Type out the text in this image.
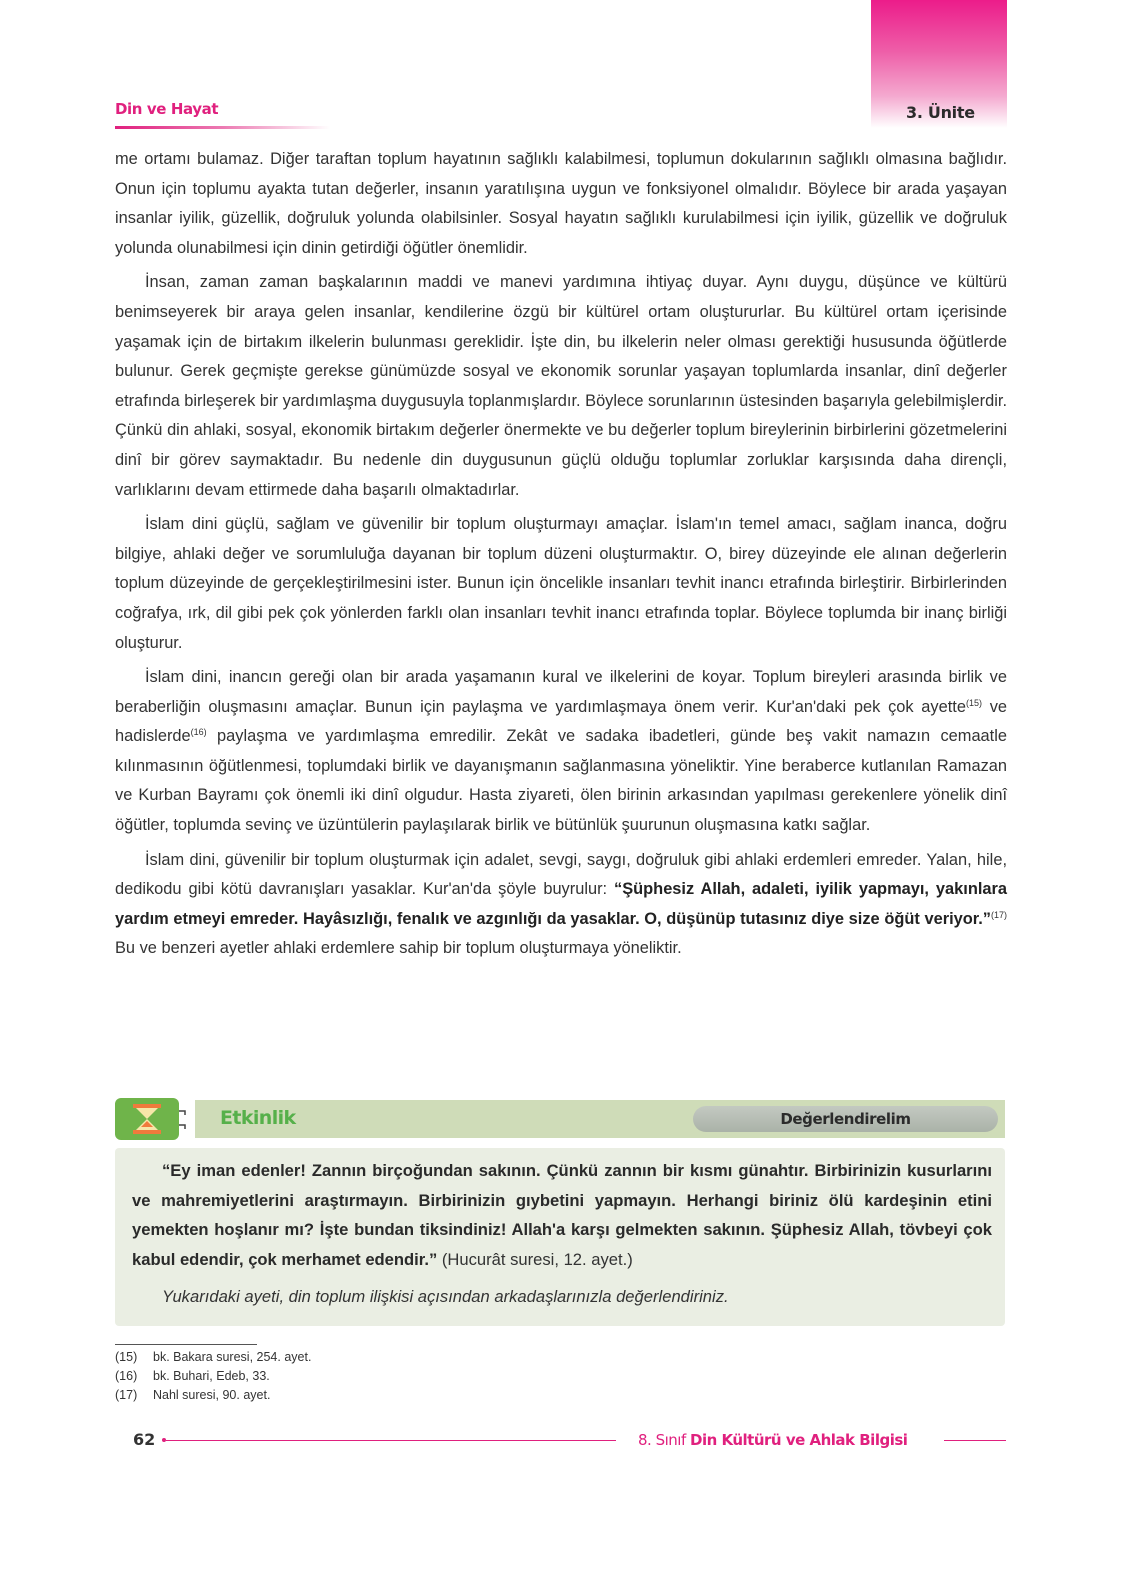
3. Ünite
Din ve Hayat

me ortamı bulamaz. Diğer taraftan toplum hayatının sağlıklı kalabilmesi, toplumun dokularının sağlıklı olmasına bağlıdır. Onun için toplumu ayakta tutan değerler, insanın yaratılışına uygun ve fonksiyonel olmalıdır. Böylece bir arada yaşayan insanlar iyilik, güzellik, doğruluk yolunda olabilsinler. Sosyal hayatın sağlıklı kurulabilmesi için iyilik, güzellik ve doğruluk yolunda olunabilmesi için dinin getirdiği öğütler önemlidir.

İnsan, zaman zaman başkalarının maddi ve manevi yardımına ihtiyaç duyar. Aynı duygu, düşünce ve kültürü benimseyerek bir araya gelen insanlar, kendilerine özgü bir kültürel ortam oluştururlar. Bu kültürel ortam içerisinde yaşamak için de birtakım ilkelerin bulunması gereklidir. İşte din, bu ilkelerin neler olması gerektiği hususunda öğütlerde bulunur. Gerek geçmişte gerekse günümüzde sosyal ve ekonomik sorunlar yaşayan toplumlarda insanlar, dinî değerler etrafında birleşerek bir yardımlaşma duygusuyla toplanmışlardır. Böylece sorunlarının üstesinden başarıyla gelebilmişlerdir. Çünkü din ahlaki, sosyal, ekonomik birtakım değerler önermekte ve bu değerler toplum bireylerinin birbirlerini gözetmelerini dinî bir görev saymaktadır. Bu nedenle din duygusunun güçlü olduğu toplumlar zorluklar karşısında daha dirençli, varlıklarını devam ettirmede daha başarılı olmaktadırlar.

İslam dini güçlü, sağlam ve güvenilir bir toplum oluşturmayı amaçlar. İslam'ın temel amacı, sağlam inanca, doğru bilgiye, ahlaki değer ve sorumluluğa dayanan bir toplum düzeni oluşturmaktır. O, birey düzeyinde ele alınan değerlerin toplum düzeyinde de gerçekleştirilmesini ister. Bunun için öncelikle insanları tevhit inancı etrafında birleştirir. Birbirlerinden coğrafya, ırk, dil gibi pek çok yönlerden farklı olan insanları tevhit inancı etrafında toplar. Böylece toplumda bir inanç birliği oluşturur.

İslam dini, inancın gereği olan bir arada yaşamanın kural ve ilkelerini de koyar. Toplum bireyleri arasında birlik ve beraberliğin oluşmasını amaçlar. Bunun için paylaşma ve yardımlaşmaya önem verir. Kur'an'daki pek çok ayette$^{(15)}$ ve hadislerde$^{(16)}$ paylaşma ve yardımlaşma emredilir. Zekât ve sadaka ibadetleri, günde beş vakit namazın cemaatle kılınmasının öğütlenmesi, toplumdaki birlik ve dayanışmanın sağlanmasına yöneliktir. Yine beraberce kutlanılan Ramazan ve Kurban Bayramı çok önemli iki dinî olgudur. Hasta ziyareti, ölen birinin arkasından yapılması gerekenlere yönelik dinî öğütler, toplumda sevinç ve üzüntülerin paylaşılarak birlik ve bütünlük şuurunun oluşmasına katkı sağlar.

İslam dini, güvenilir bir toplum oluşturmak için adalet, sevgi, saygı, doğruluk gibi ahlaki erdemleri emreder. Yalan, hile, dedikodu gibi kötü davranışları yasaklar. Kur'an'da şöyle buyrulur: “Şüphesiz Allah, adaleti, iyilik yapmayı, yakınlara yardım etmeyi emreder. Hayâsızlığı, fenalık ve azgınlığı da yasaklar. O, düşünüp tutasınız diye size öğüt veriyor.”$^{(17)}$ Bu ve benzeri ayetler ahlaki erdemlere sahip bir toplum oluşturmaya yöneliktir.

Etkinlik	Değerlendirelim
“Ey iman edenler! Zannın birçoğundan sakının. Çünkü zannın bir kısmı günahtır. Birbirinizin kusurlarını ve mahremiyetlerini araştırmayın. Birbirinizin gıybetini yapmayın. Herhangi biriniz ölü kardeşinin etini yemekten hoşlanır mı? İşte bundan tiksindiniz! Allah'a karşı gelmekten sakının. Şüphesiz Allah, tövbeyi çok kabul edendir, çok merhamet edendir.” (Hucurât suresi, 12. ayet.)
Yukarıdaki ayeti, din toplum ilişkisi açısından arkadaşlarınızla değerlendiriniz.
(15) bk. Bakara suresi, 254. ayet.
(16) bk. Buhari, Edeb, 33.
(17) Nahl suresi, 90. ayet.
62	8. Sınıf Din Kültürü ve Ahlak Bilgisi
